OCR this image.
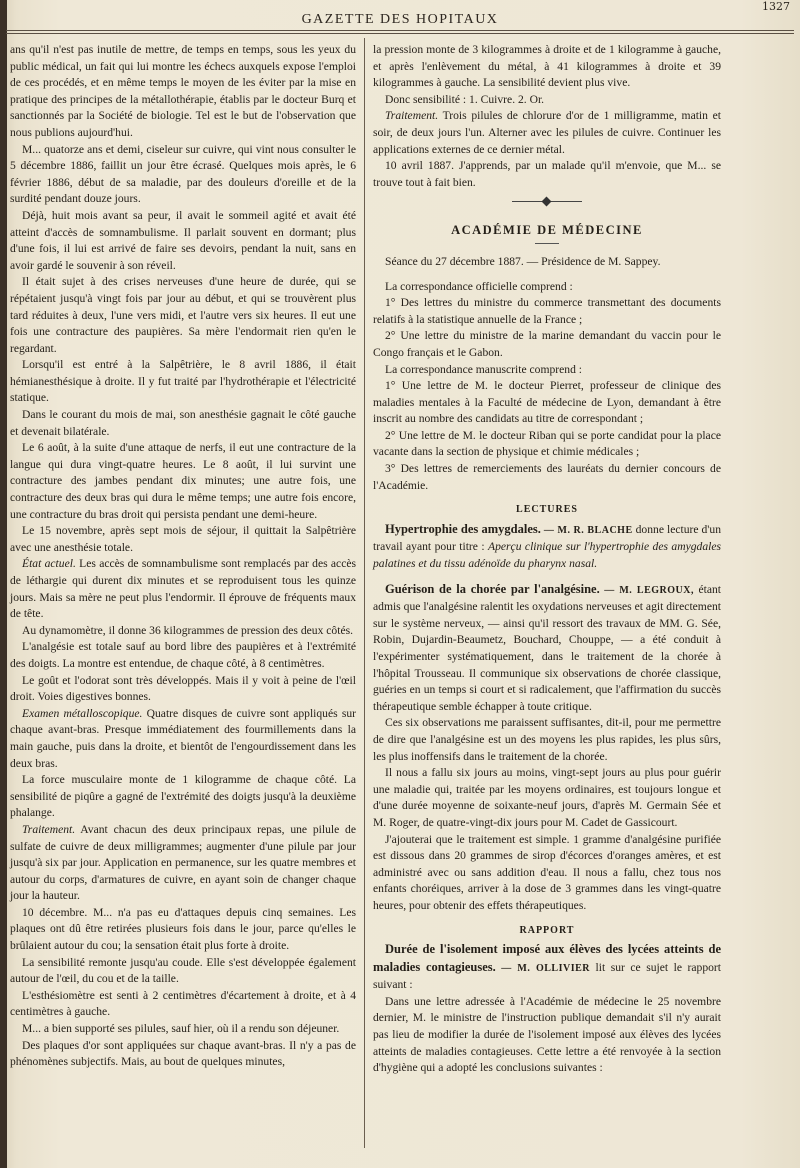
GAZETTE DES HOPITAUX
1327

ans qu'il n'est pas inutile de mettre, de temps en temps, sous les yeux du public médical, un fait qui lui montre les échecs auxquels expose l'emploi de ces procédés, et en même temps le moyen de les éviter par la mise en pratique des principes de la métallothérapie, établis par le docteur Burq et sanctionnés par la Société de biologie. Tel est le but de l'observation que nous publions aujourd'hui.

M... quatorze ans et demi, ciseleur sur cuivre, qui vint nous consulter le 5 décembre 1886, faillit un jour être écrasé. Quelques mois après, le 6 février 1886, début de sa maladie, par des douleurs d'oreille et de la surdité pendant douze jours.

Déjà, huit mois avant sa peur, il avait le sommeil agité et avait été atteint d'accès de somnambulisme. Il parlait souvent en dormant; plus d'une fois, il lui est arrivé de faire ses devoirs, pendant la nuit, sans en avoir gardé le souvenir à son réveil.

Il était sujet à des crises nerveuses d'une heure de durée, qui se répétaient jusqu'à vingt fois par jour au début, et qui se trouvèrent plus tard réduites à deux, l'une vers midi, et l'autre vers six heures. Il eut une fois une contracture des paupières. Sa mère l'endormait rien qu'en le regardant.

Lorsqu'il est entré à la Salpêtrière, le 8 avril 1886, il était hémianesthésique à droite. Il y fut traité par l'hydrothérapie et l'électricité statique.

Dans le courant du mois de mai, son anesthésie gagnait le côté gauche et devenait bilatérale.

Le 6 août, à la suite d'une attaque de nerfs, il eut une contracture de la langue qui dura vingt-quatre heures. Le 8 août, il lui survint une contracture des jambes pendant dix minutes; une autre fois, une contracture des deux bras qui dura le même temps; une autre fois encore, une contracture du bras droit qui persista pendant une demi-heure.

Le 15 novembre, après sept mois de séjour, il quittait la Salpêtrière avec une anesthésie totale.

État actuel. Les accès de somnambulisme sont remplacés par des accès de léthargie qui durent dix minutes et se reproduisent tous les quinze jours. Mais sa mère ne peut plus l'endormir. Il éprouve de fréquents maux de tête.

Au dynamomètre, il donne 36 kilogrammes de pression des deux côtés.

L'analgésie est totale sauf au bord libre des paupières et à l'extrémité des doigts. La montre est entendue, de chaque côté, à 8 centimètres.

Le goût et l'odorat sont très développés. Mais il y voit à peine de l'œil droit. Voies digestives bonnes.

Examen métalloscopique. Quatre disques de cuivre sont appliqués sur chaque avant-bras. Presque immédiatement des fourmillements dans la main gauche, puis dans la droite, et bientôt de l'engourdissement dans les deux bras.

La force musculaire monte de 1 kilogramme de chaque côté. La sensibilité de piqûre a gagné de l'extrémité des doigts jusqu'à la deuxième phalange.

Traitement. Avant chacun des deux principaux repas, une pilule de sulfate de cuivre de deux milligrammes; augmenter d'une pilule par jour jusqu'à six par jour. Application en permanence, sur les quatre membres et autour du corps, d'armatures de cuivre, en ayant soin de changer chaque jour la hauteur.

10 décembre. M... n'a pas eu d'attaques depuis cinq semaines. Les plaques ont dû être retirées plusieurs fois dans le jour, parce qu'elles le brûlaient autour du cou; la sensation était plus forte à droite.

La sensibilité remonte jusqu'au coude. Elle s'est développée également autour de l'œil, du cou et de la taille.

L'esthésiomètre est senti à 2 centimètres d'écartement à droite, et à 4 centimètres à gauche.

M... a bien supporté ses pilules, sauf hier, où il a rendu son déjeuner.

Des plaques d'or sont appliquées sur chaque avant-bras. Il n'y a pas de phénomènes subjectifs. Mais, au bout de quelques minutes,

la pression monte de 3 kilogrammes à droite et de 1 kilogramme à gauche, et après l'enlèvement du métal, à 41 kilogrammes à droite et 39 kilogrammes à gauche. La sensibilité devient plus vive.

Donc sensibilité : 1. Cuivre. 2. Or.

Traitement. Trois pilules de chlorure d'or de 1 milligramme, matin et soir, de deux jours l'un. Alterner avec les pilules de cuivre. Continuer les applications externes de ce dernier métal.

10 avril 1887. J'apprends, par un malade qu'il m'envoie, que M... se trouve tout à fait bien.

ACADÉMIE DE MÉDECINE

Séance du 27 décembre 1887. — Présidence de M. Sappey.

La correspondance officielle comprend :

1° Des lettres du ministre du commerce transmettant des documents relatifs à la statistique annuelle de la France ;

2° Une lettre du ministre de la marine demandant du vaccin pour le Congo français et le Gabon.

La correspondance manuscrite comprend :

1° Une lettre de M. le docteur Pierret, professeur de clinique des maladies mentales à la Faculté de médecine de Lyon, demandant à être inscrit au nombre des candidats au titre de correspondant ;

2° Une lettre de M. le docteur Riban qui se porte candidat pour la place vacante dans la section de physique et chimie médicales ;

3° Des lettres de remerciements des lauréats du dernier concours de l'Académie.

LECTURES

Hypertrophie des amygdales. — M. R. BLACHE donne lecture d'un travail ayant pour titre : Aperçu clinique sur l'hypertrophie des amygdales palatines et du tissu adénoïde du pharynx nasal.

Guérison de la chorée par l'analgésine. — M. LEGROUX, étant admis que l'analgésine ralentit les oxydations nerveuses et agit directement sur le système nerveux, — ainsi qu'il ressort des travaux de MM. G. Sée, Robin, Dujardin-Beaumetz, Bouchard, Chouppe, — a été conduit à l'expérimenter systématiquement, dans le traitement de la chorée à l'hôpital Trousseau. Il communique six observations de chorée classique, guéries en un temps si court et si radicalement, que l'affirmation du succès thérapeutique semble échapper à toute critique.

Ces six observations me paraissent suffisantes, dit-il, pour me permettre de dire que l'analgésine est un des moyens les plus rapides, les plus sûrs, les plus inoffensifs dans le traitement de la chorée.

Il nous a fallu six jours au moins, vingt-sept jours au plus pour guérir une maladie qui, traitée par les moyens ordinaires, est toujours longue et d'une durée moyenne de soixante-neuf jours, d'après M. Germain Sée et M. Roger, de quatre-vingt-dix jours pour M. Cadet de Gassicourt.

J'ajouterai que le traitement est simple. 1 gramme d'analgésine purifiée est dissous dans 20 grammes de sirop d'écorces d'oranges amères, et est administré avec ou sans addition d'eau. Il nous a fallu, chez tous nos enfants choréiques, arriver à la dose de 3 grammes dans les vingt-quatre heures, pour obtenir des effets thérapeutiques.

RAPPORT

Durée de l'isolement imposé aux élèves des lycées atteints de maladies contagieuses. — M. OLLIVIER lit sur ce sujet le rapport suivant :

Dans une lettre adressée à l'Académie de médecine le 25 novembre dernier, M. le ministre de l'instruction publique demandait s'il n'y aurait pas lieu de modifier la durée de l'isolement imposé aux élèves des lycées atteints de maladies contagieuses. Cette lettre a été renvoyée à la section d'hygiène qui a adopté les conclusions suivantes :
